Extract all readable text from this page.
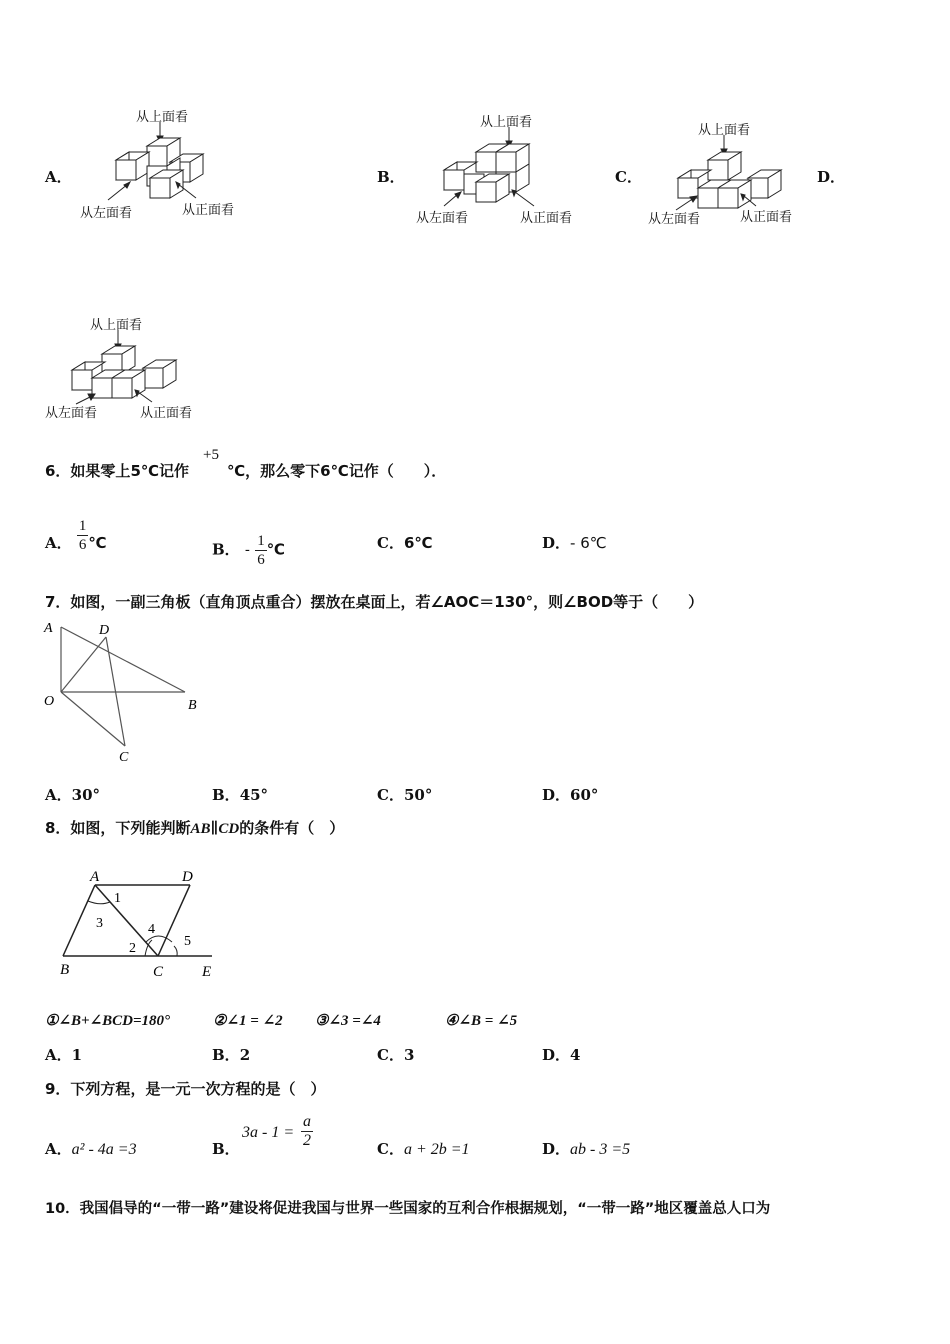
A．	B．	C．	D．
从上面看
从左面看	从正面看
从上面看
从左面看	从正面看
从上面看
从左面看	从正面看
从上面看
从左面看	从正面看
6．如果零上5℃记作
+5
℃，那么零下6℃记作（　　）．
A． $\frac{1}{6}$ ℃	B． - $\frac{1}{6}$ ℃	C．6℃	D．- 6℃
7．如图，一副三角板（直角顶点重合）摆放在桌面上，若∠AOC＝130°，则∠BOD等于（　　）
A	D
O	B
C
A．30°	B．45°	C．50°	D．60°
8．如图，下列能判断AB∥CD的条件有（　）
A	D
B	C	E
1
2
3	4
5
①∠B+∠BCD=180°	②∠1 = ∠2 ③∠3 =∠4	④∠B = ∠5
A．1	B．2	C．3	D．4
9．下列方程，是一元一次方程的是（　）
A．a² - 4a =3	B．
$3a - 1 = \frac{a}{2}$	C．a + 2b =1	D．ab - 3 =5
10．我国倡导的“一带一路”建设将促进我国与世界一些国家的互利合作根据规划，“一带一路”地区覆盖总人口为
